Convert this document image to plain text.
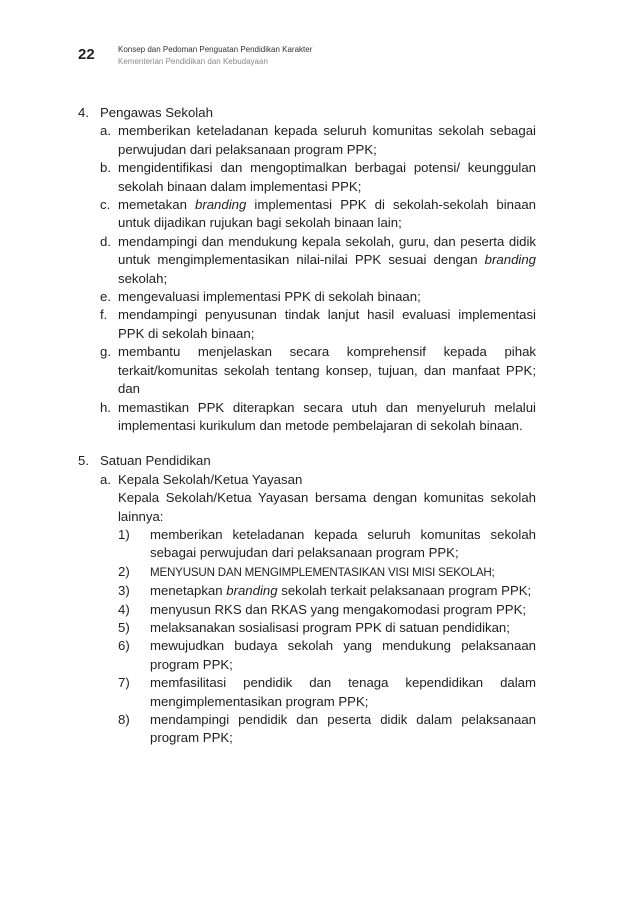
22	Konsep dan Pedoman Penguatan Pendidikan Karakter
Kementerian Pendidikan dan Kebudayaan
4. Pengawas Sekolah
a. memberikan keteladanan kepada seluruh komunitas sekolah sebagai perwujudan dari pelaksanaan program PPK;
b. mengidentifikasi dan mengoptimalkan berbagai potensi/ keunggulan sekolah binaan dalam implementasi PPK;
c. memetakan branding implementasi PPK di sekolah-sekolah binaan untuk dijadikan rujukan bagi sekolah binaan lain;
d. mendampingi dan mendukung kepala sekolah, guru, dan peserta didik untuk mengimplementasikan nilai-nilai PPK sesuai dengan branding sekolah;
e. mengevaluasi implementasi PPK di sekolah binaan;
f. mendampingi penyusunan tindak lanjut hasil evaluasi implementasi PPK di sekolah binaan;
g. membantu menjelaskan secara komprehensif kepada pihak terkait/komunitas sekolah tentang konsep, tujuan, dan manfaat PPK; dan
h. memastikan PPK diterapkan secara utuh dan menyeluruh melalui implementasi kurikulum dan metode pembelajaran di sekolah binaan.
5. Satuan Pendidikan
a. Kepala Sekolah/Ketua Yayasan
Kepala Sekolah/Ketua Yayasan bersama dengan komunitas sekolah lainnya:
1) memberikan keteladanan kepada seluruh komunitas sekolah sebagai perwujudan dari pelaksanaan program PPK;
2) MENYUSUN DAN MENGIMPLEMENTASIKAN VISI MISI SEKOLAH;
3) menetapkan branding sekolah terkait pelaksanaan program PPK;
4) menyusun RKS dan RKAS yang mengakomodasi program PPK;
5) melaksanakan sosialisasi program PPK di satuan pendidikan;
6) mewujudkan budaya sekolah yang mendukung pelaksanaan program PPK;
7) memfasilitasi pendidik dan tenaga kependidikan dalam mengimplementasikan program PPK;
8) mendampingi pendidik dan peserta didik dalam pelaksanaan program PPK;
